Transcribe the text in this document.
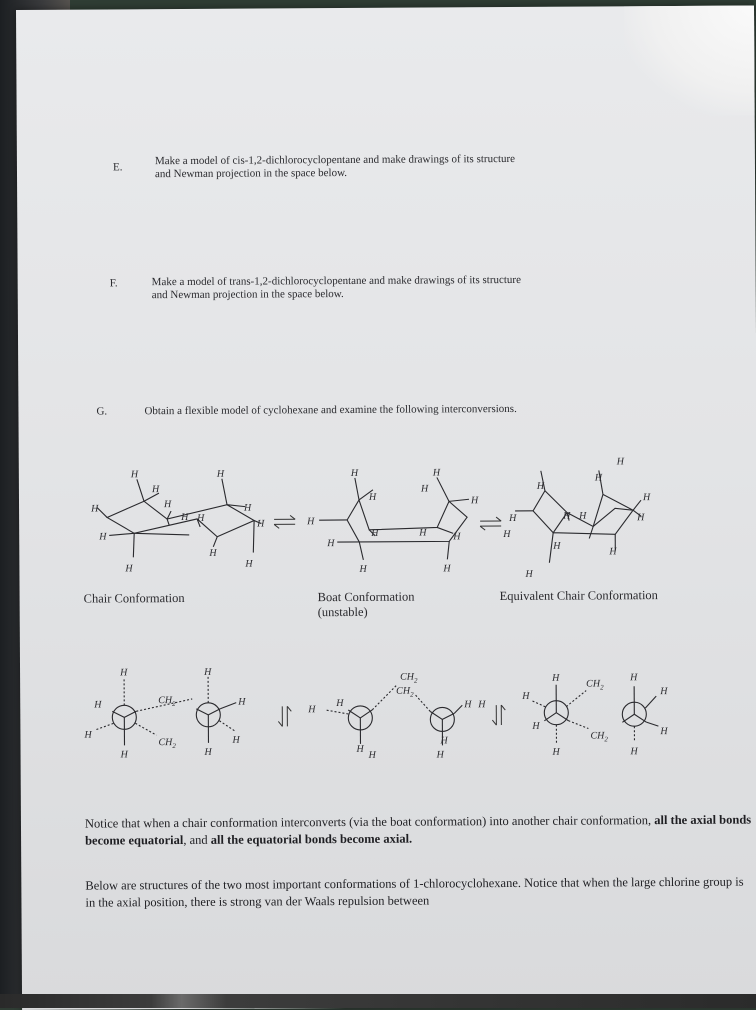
E.
Make a model of cis-1,2-dichlorocyclopentane and make drawings of its structure
and Newman projection in the space below.
F.	Make a model of trans-1,2-dichlorocyclopentane and make drawings of its structure
and Newman projection in the space below.
G.	Obtain a flexible model of cyclohexane and examine the following interconversions.
H
H
H
H
H
H
H
H
H
H
H H
H
H
H
H
H
H
H
H
H
H	H	H
H
H
H
H
H
H
H
H
H H
H
H
H
Chair Conformation	Boat Conformation
(unstable)
Equivalent Chair Conformation
H	H
H	H
H	H
H	H
$CH_2$
$CH_2$
H
H
H
H
$CH_2$
$CH_2$
H H
H
H
H	H
H	H
H	H
H	H
$CH_2$
$CH_2$
Notice that when a chair conformation interconverts (via the boat conformation) into another chair conformation, all the axial bonds become equatorial, and all the equatorial bonds become axial.
Below are structures of the two most important conformations of 1-chlorocyclohexane. Notice that when the large chlorine group is in the axial position, there is strong van der Waals repulsion between
